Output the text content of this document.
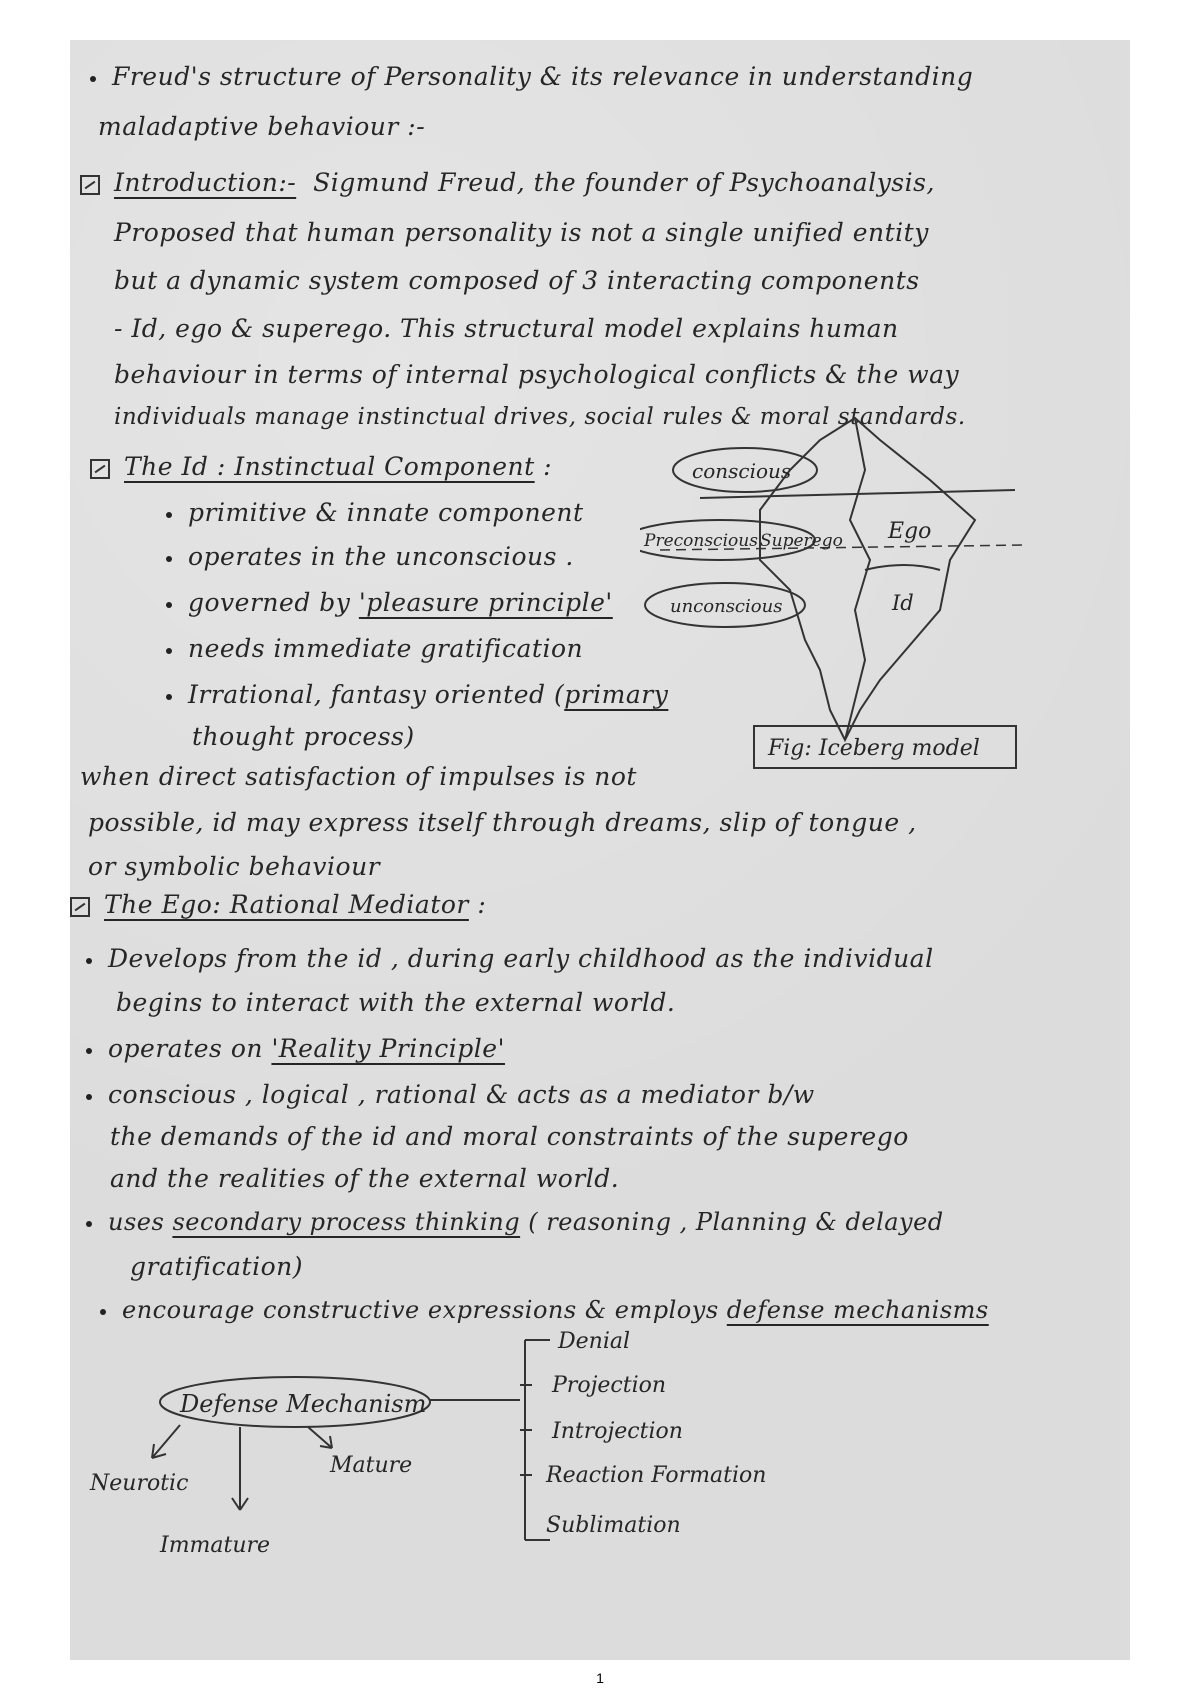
Freud's structure of Personality & its relevance in understanding
maladaptive behaviour :-
Introduction:- Sigmund Freud, the founder of Psychoanalysis,
Proposed that human personality is not a single unified entity
but a dynamic system composed of 3 interacting components
- Id, ego & superego. This structural model explains human
behaviour in terms of internal psychological conflicts & the way
individuals manage instinctual drives, social rules & moral standards.
The Id : Instinctual Component :
primitive & innate component
operates in the unconscious .
governed by 'pleasure principle'
needs immediate gratification
Irrational, fantasy oriented (primary
thought process)
when direct satisfaction of impulses is not
possible, id may express itself through dreams, slip of tongue ,
or symbolic behaviour
conscious
Preconscious Superego Ego
unconscious	Id
Fig: Iceberg model
The Ego: Rational Mediator :
Develops from the id , during early childhood as the individual
begins to interact with the external world.
operates on 'Reality Principle'
conscious , logical , rational & acts as a mediator b/w
the demands of the id and moral constraints of the superego
and the realities of the external world.
uses secondary process thinking ( reasoning , Planning & delayed
gratification)
encourage constructive expressions & employs defense mechanisms
Defense Mechanism
Denial
Projection
Introjection
Reaction Formation
Sublimation
Neurotic
Mature
Immature
1
